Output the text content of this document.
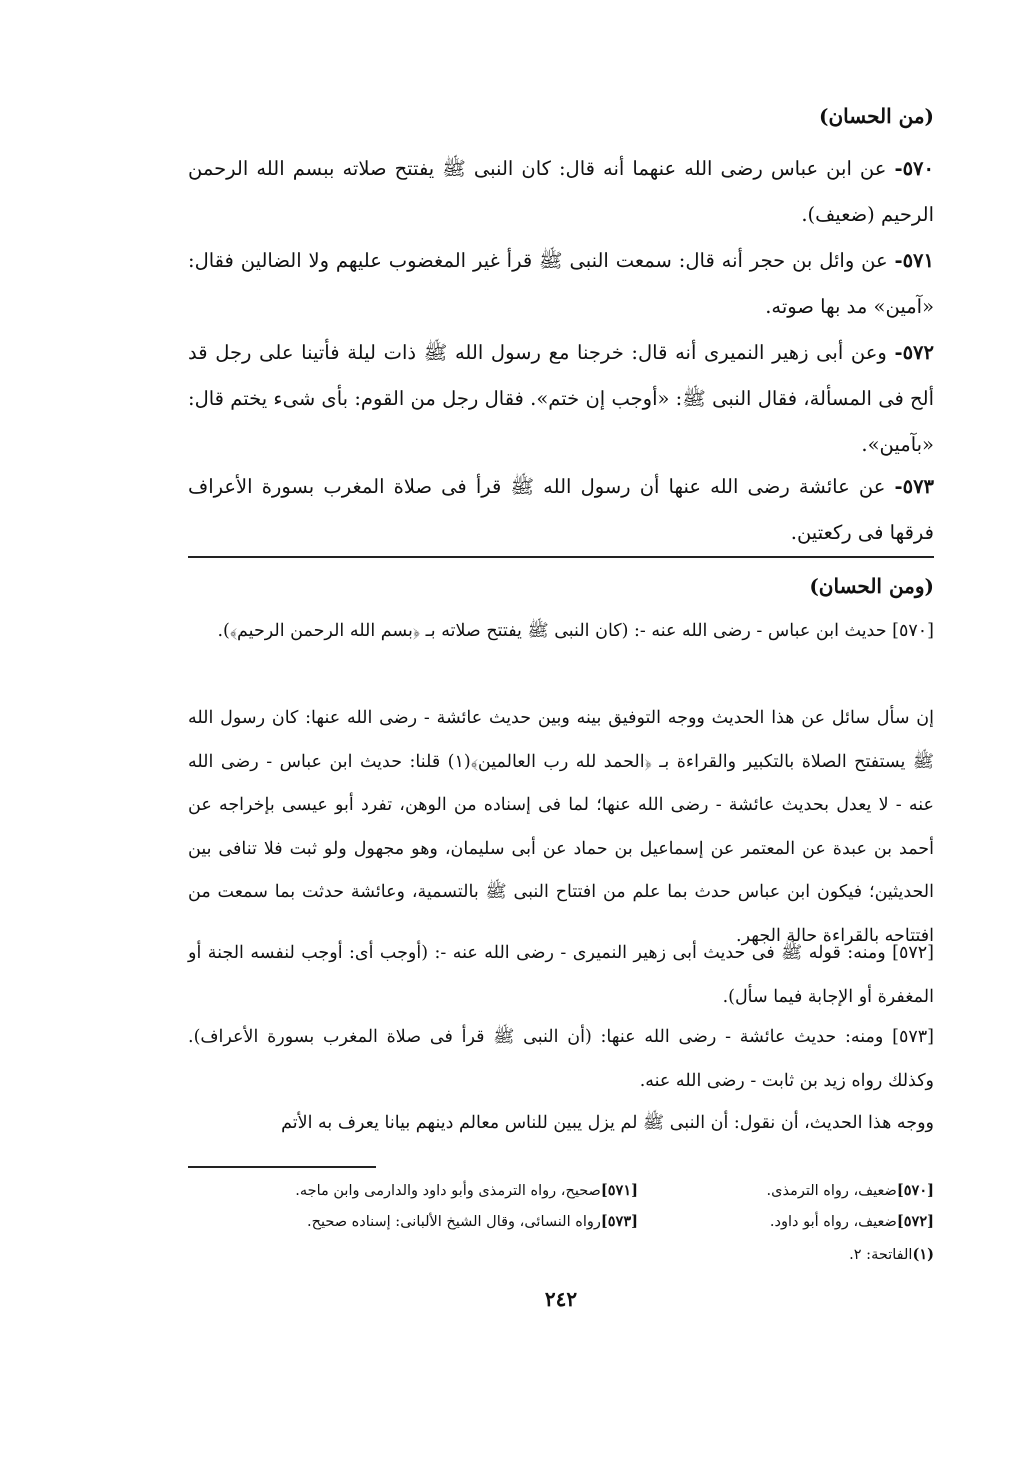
(من الحسان)
٥٧٠- عن ابن عباس رضى الله عنهما أنه قال: كان النبى ﷺ يفتتح صلاته ببسم الله الرحمن الرحيم (ضعيف).
٥٧١- عن وائل بن حجر أنه قال: سمعت النبى ﷺ قرأ غير المغضوب عليهم ولا الضالين فقال: «آمين» مد بها صوته.
٥٧٢- وعن أبى زهير النميرى أنه قال: خرجنا مع رسول الله ﷺ ذات ليلة فأتينا على رجل قد ألح فى المسألة، فقال النبى ﷺ: «أوجب إن ختم». فقال رجل من القوم: بأى شىء يختم قال: «بآمين».
٥٧٣- عن عائشة رضى الله عنها أن رسول الله ﷺ قرأ فى صلاة المغرب بسورة الأعراف فرقها فى ركعتين.
(ومن الحسان)
[٥٧٠] حديث ابن عباس - رضى الله عنه -: (كان النبى ﷺ يفتتح صلاته بـ ﴿بسم الله الرحمن الرحيم﴾).
إن سأل سائل عن هذا الحديث ووجه التوفيق بينه وبين حديث عائشة - رضى الله عنها: كان رسول الله ﷺ يستفتح الصلاة بالتكبير والقراءة بـ ﴿الحمد لله رب العالمين﴾(١) قلنا: حديث ابن عباس - رضى الله عنه - لا يعدل بحديث عائشة - رضى الله عنها؛ لما فى إسناده من الوهن، تفرد أبو عيسى بإخراجه عن أحمد بن عبدة عن المعتمر عن إسماعيل بن حماد عن أبى سليمان، وهو مجهول ولو ثبت فلا تنافى بين الحديثين؛ فيكون ابن عباس حدث بما علم من افتتاح النبى ﷺ بالتسمية، وعائشة حدثت بما سمعت من افتتاحه بالقراءة حالة الجهر.
[٥٧٢] ومنه: قوله ﷺ فى حديث أبى زهير النميرى - رضى الله عنه -: (أوجب أى: أوجب لنفسه الجنة أو المغفرة أو الإجابة فيما سأل).
[٥٧٣] ومنه: حديث عائشة - رضى الله عنها: (أن النبى ﷺ قرأ فى صلاة المغرب بسورة الأعراف). وكذلك رواه زيد بن ثابت - رضى الله عنه.
ووجه هذا الحديث، أن نقول: أن النبى ﷺ لم يزل يبين للناس معالم دينهم بيانا يعرف به الأتم
[٥٧٠]ضعيف، رواه الترمذى.
[٥٧١]صحيح، رواه الترمذى وأبو داود والدارمى وابن ماجه.
[٥٧٢]ضعيف، رواه أبو داود.
[٥٧٣]رواه النسائى، وقال الشيخ الألبانى: إسناده صحيح.
(١)الفاتحة: ٢.
٢٤٢
